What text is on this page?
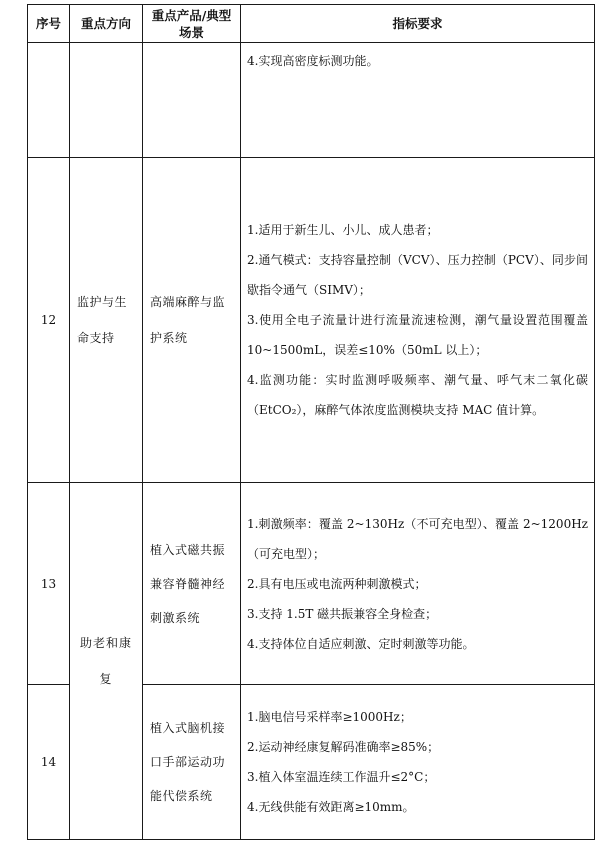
序号	重点方向	重点产品/典型场景	指标要求

			4.实现高密度标测功能。

12	监护与生命支持	高端麻醉与监护系统	1.适用于新生儿、小儿、成人患者；

2.通气模式：支持容量控制（VCV）、压力控制（PCV）、同步间歇指令通气（SIMV）；

3.使用全电子流量计进行流量流速检测，潮气量设置范围覆盖 10~1500mL，误差≤10%（50mL 以上）；

4.监测功能：实时监测呼吸频率、潮气量、呼气末二氧化碳（EtCO₂），麻醉气体浓度监测模块支持 MAC 值计算。

13	助老和康复	植入式磁共振兼容脊髓神经刺激系统	1.刺激频率：覆盖 2~130Hz（不可充电型）、覆盖 2~1200Hz（可充电型）；

2.具有电压或电流两种刺激模式；

3.支持 1.5T 磁共振兼容全身检查；

4.支持体位自适应刺激、定时刺激等功能。

14		植入式脑机接口手部运动功能代偿系统	1.脑电信号采样率≥1000Hz；

2.运动神经康复解码准确率≥85%；

3.植入体室温连续工作温升≤2°C；

4.无线供能有效距离≥10mm。
